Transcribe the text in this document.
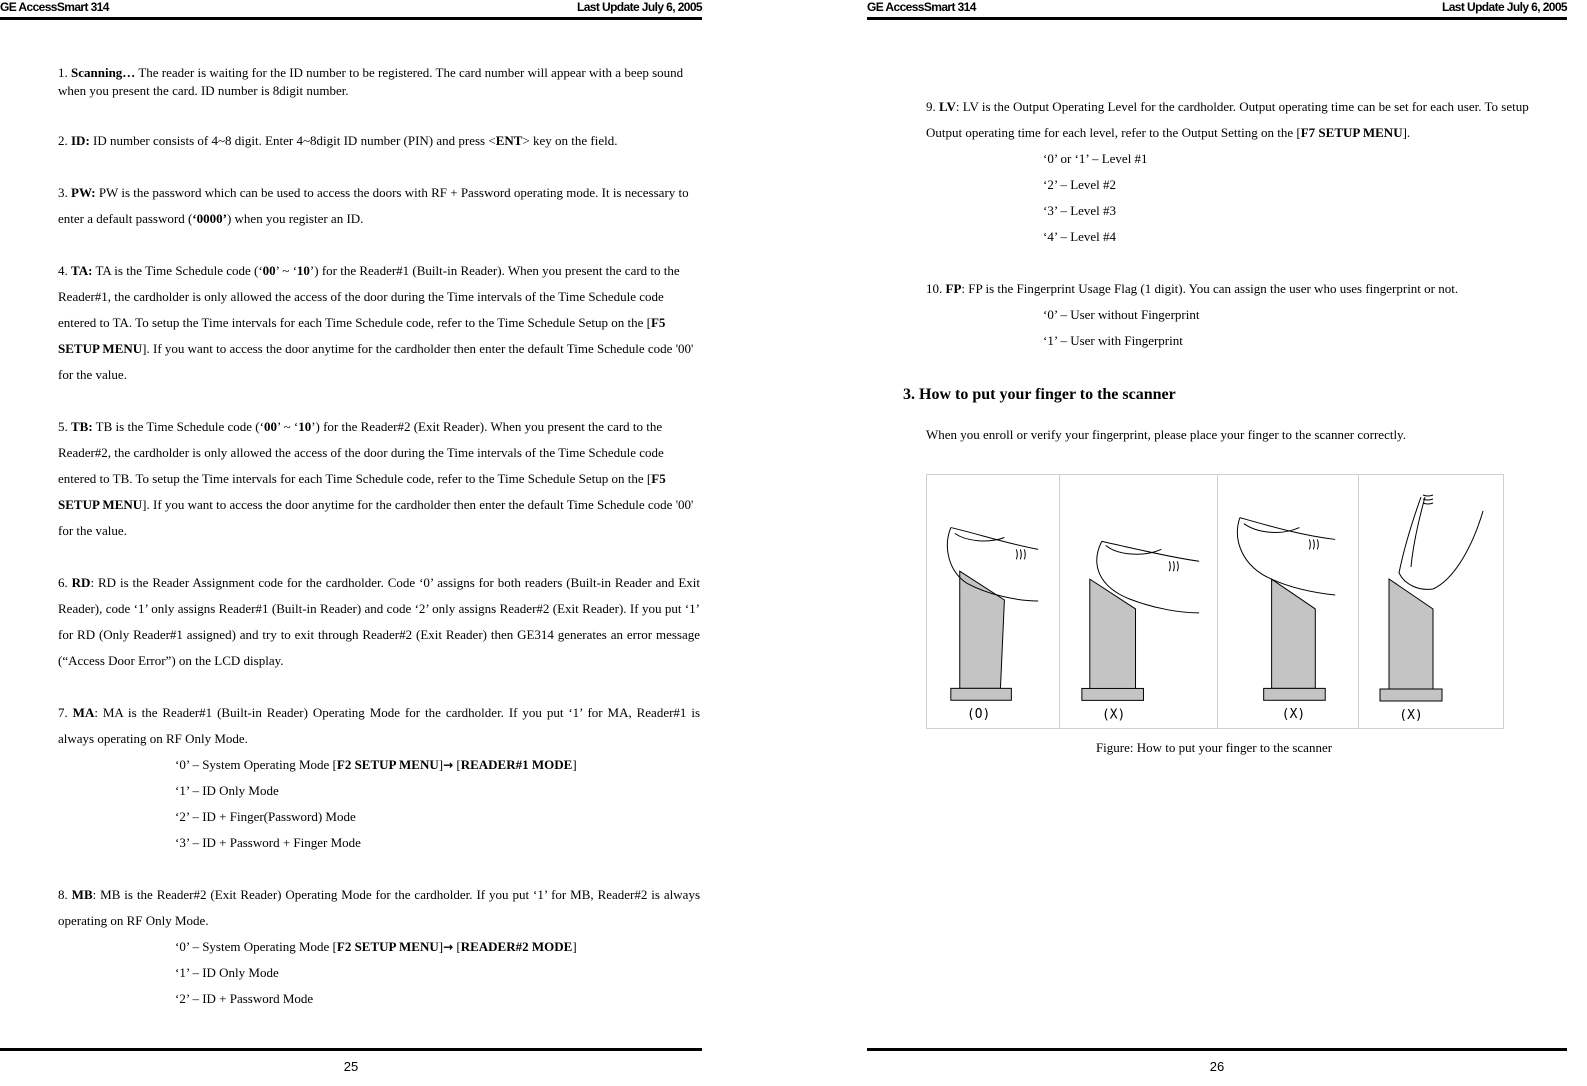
GE AccessSmart 314	Last Update July 6, 2005

1. Scanning… The reader is waiting for the ID number to be registered. The card number will appear with a beep sound when you present the card. ID number is 8digit number.

2. ID: ID number consists of 4~8 digit. Enter 4~8digit ID number (PIN) and press <ENT> key on the field.

3. PW: PW is the password which can be used to access the doors with RF + Password operating mode. It is necessary to enter a default password (‘0000’) when you register an ID.

4. TA: TA is the Time Schedule code (‘00’ ~ ‘10’) for the Reader#1 (Built-in Reader). When you present the card to the Reader#1, the cardholder is only allowed the access of the door during the Time intervals of the Time Schedule code entered to TA. To setup the Time intervals for each Time Schedule code, refer to the Time Schedule Setup on the [F5 SETUP MENU]. If you want to access the door anytime for the cardholder then enter the default Time Schedule code '00' for the value.

5. TB: TB is the Time Schedule code (‘00’ ~ ‘10’) for the Reader#2 (Exit Reader). When you present the card to the Reader#2, the cardholder is only allowed the access of the door during the Time intervals of the Time Schedule code entered to TB. To setup the Time intervals for each Time Schedule code, refer to the Time Schedule Setup on the [F5 SETUP MENU]. If you want to access the door anytime for the cardholder then enter the default Time Schedule code '00' for the value.

6. RD: RD is the Reader Assignment code for the cardholder. Code ‘0’ assigns for both readers (Built-in Reader and Exit Reader), code ‘1’ only assigns Reader#1 (Built-in Reader) and code ‘2’ only assigns Reader#2 (Exit Reader). If you put ‘1’ for RD (Only Reader#1 assigned) and try to exit through Reader#2 (Exit Reader) then GE314 generates an error message (“Access Door Error”) on the LCD display.

7. MA: MA is the Reader#1 (Built-in Reader) Operating Mode for the cardholder. If you put ‘1’ for MA, Reader#1 is always operating on RF Only Mode.
‘0’ – System Operating Mode [F2 SETUP MENU]→ [READER#1 MODE]
‘1’ – ID Only Mode
‘2’ – ID + Finger(Password) Mode
‘3’ – ID + Password + Finger Mode
8. MB: MB is the Reader#2 (Exit Reader) Operating Mode for the cardholder. If you put ‘1’ for MB, Reader#2 is always operating on RF Only Mode.
‘0’ – System Operating Mode [F2 SETUP MENU]→ [READER#2 MODE]
‘1’ – ID Only Mode
‘2’ – ID + Password Mode
25
GE AccessSmart 314	Last Update July 6, 2005
9. LV: LV is the Output Operating Level for the cardholder. Output operating time can be set for each user. To setup Output operating time for each level, refer to the Output Setting on the [F7 SETUP MENU].
‘0’ or ‘1’ – Level #1
‘2’ – Level #2
‘3’ – Level #3
‘4’ – Level #4
10. FP: FP is the Fingerprint Usage Flag (1 digit). You can assign the user who uses fingerprint or not.
‘0’ – User without Fingerprint
‘1’ – User with Fingerprint
3. How to put your finger to the scanner
When you enroll or verify your fingerprint, please place your finger to the scanner correctly.
(O)	(X)	(X)	(X)
Figure: How to put your finger to the scanner
26
